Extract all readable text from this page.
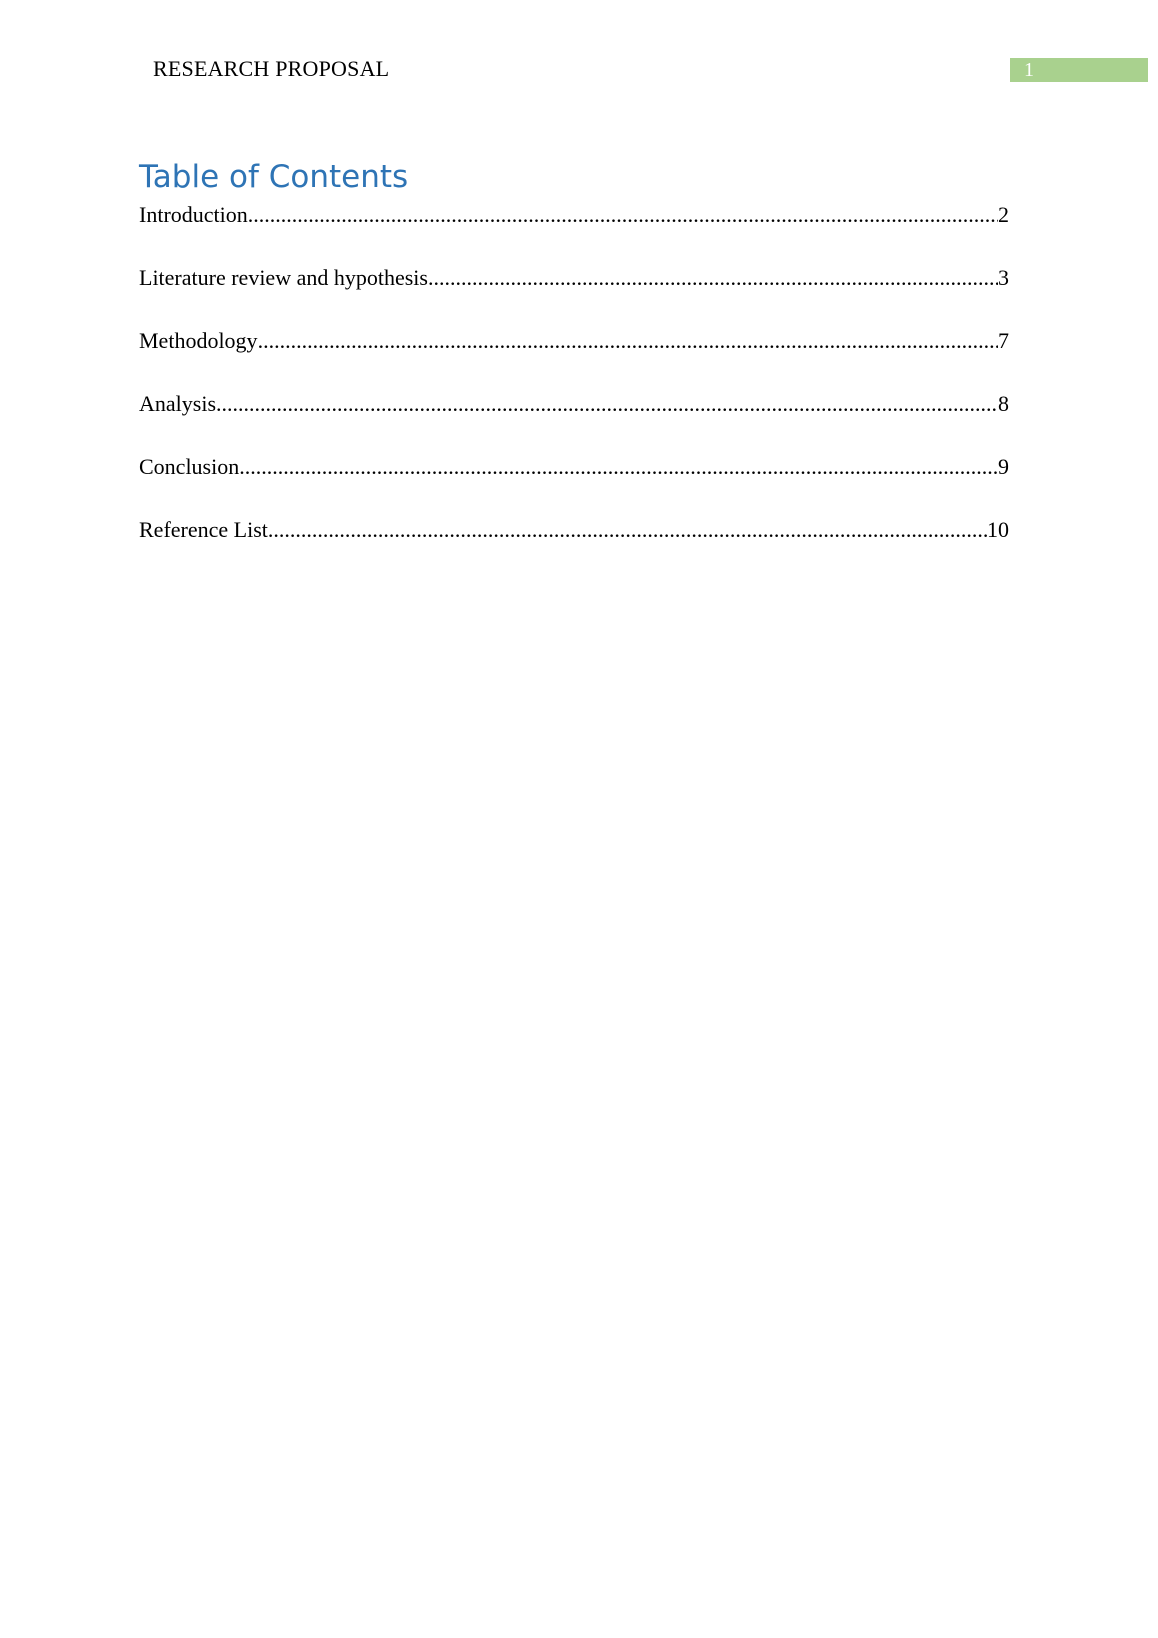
RESEARCH PROPOSAL	1
Table of Contents
Introduction .....	2
Literature review and hypothesis .....	3
Methodology .....	7
Analysis .....	8
Conclusion .....	9
Reference List .....	10
